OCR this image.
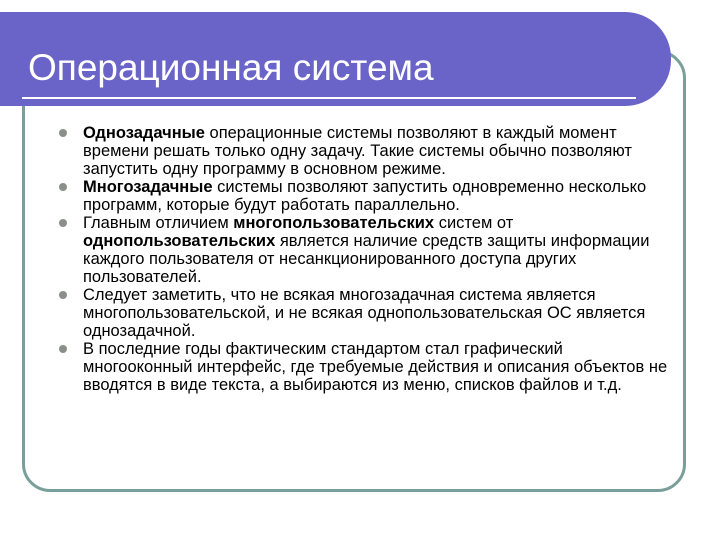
Операционная система
Однозадачные операционные системы позволяют в каждый момент времени решать только одну задачу. Такие системы обычно позволяют запустить одну программу в основном режиме.
Многозадачные системы позволяют запустить одновременно несколько программ, которые будут работать параллельно.
Главным отличием многопользовательских систем от однопользовательских является наличие средств защиты информации каждого пользователя от несанкционированного доступа других пользователей.
Следует заметить, что не всякая многозадачная система является многопользовательской, и не всякая однопользовательская ОС является однозадачной.
В последние годы фактическим стандартом стал графический многооконный интерфейс, где требуемые действия и описания объектов не вводятся в виде текста, а выбираются из меню, списков файлов и т.д.
